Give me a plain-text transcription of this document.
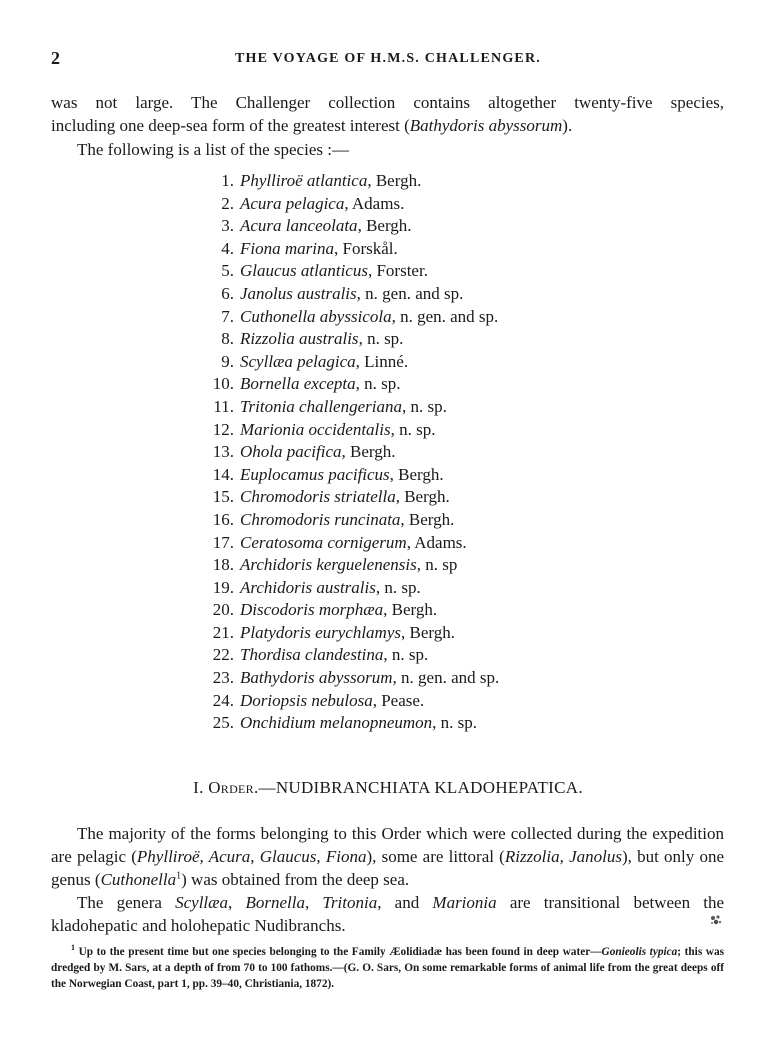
2	THE VOYAGE OF H.M.S. CHALLENGER.
was not large. The Challenger collection contains altogether twenty-five species,
including one deep-sea form of the greatest interest (Bathydoris abyssorum).
The following is a list of the species :—
1. Phylliroë atlantica, Bergh.
2. Acura pelagica, Adams.
3. Acura lanceolata, Bergh.
4. Fiona marina, Forskål.
5. Glaucus atlanticus, Forster.
6. Janolus australis, n. gen. and sp.
7. Cuthonella abyssicola, n. gen. and sp.
8. Rizzolia australis, n. sp.
9. Scyllæa pelagica, Linné.
10. Bornella excepta, n. sp.
11. Tritonia challengeriana, n. sp.
12. Marionia occidentalis, n. sp.
13. Ohola pacifica, Bergh.
14. Euplocamus pacificus, Bergh.
15. Chromodoris striatella, Bergh.
16. Chromodoris runcinata, Bergh.
17. Ceratosoma cornigerum, Adams.
18. Archidoris kerguelenensis, n. sp
19. Archidoris australis, n. sp.
20. Discodoris morphæa, Bergh.
21. Platydoris eurychlamys, Bergh.
22. Thordisa clandestina, n. sp.
23. Bathydoris abyssorum, n. gen. and sp.
24. Doriopsis nebulosa, Pease.
25. Onchidium melanopneumon, n. sp.
I. Order.—NUDIBRANCHIATA KLADOHEPATICA.
The majority of the forms belonging to this Order which were collected during the expedition are pelagic (Phylliroë, Acura, Glaucus, Fiona), some are littoral (Rizzolia, Janolus), but only one genus (Cuthonella$^1$) was obtained from the deep sea.
The genera Scyllæa, Bornella, Tritonia, and Marionia are transitional between the kladohepatic and holohepatic Nudibranchs.
$^1$ Up to the present time but one species belonging to the Family Æolidiadæ has been found in deep water—Gonieolis typica; this was dredged by M. Sars, at a depth of from 70 to 100 fathoms.—(G. O. Sars, On some remarkable forms of animal life from the great deeps off the Norwegian Coast, part 1, pp. 39–40, Christiania, 1872).
